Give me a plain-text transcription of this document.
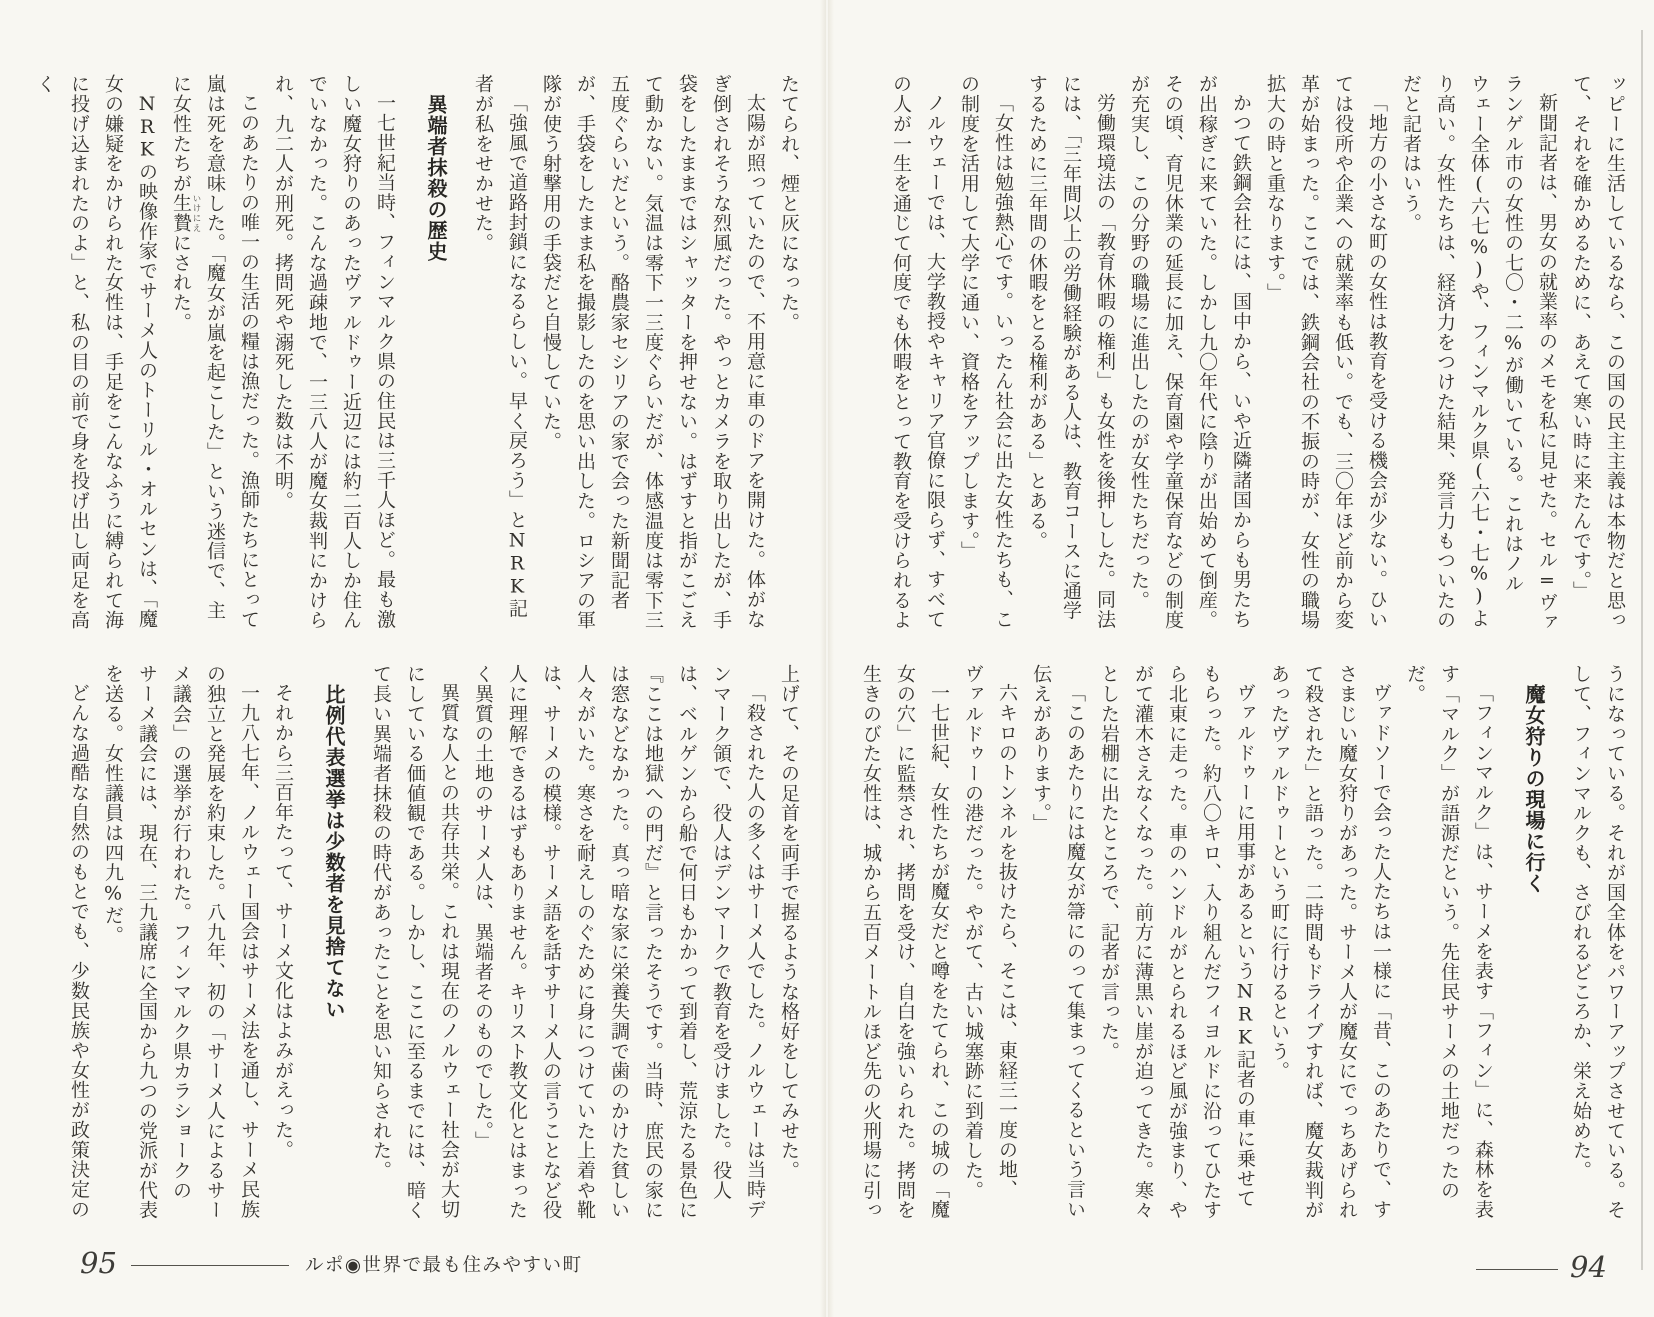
ッピーに生活しているなら、この国の民主主義は本物だと思って、それを確かめるために、あえて寒い時に来たんです。」

新聞記者は、男女の就業率のメモを私に見せた。セル=ヴァランゲル市の女性の七〇・二%が働いている。これはノルウェー全体(六七%)や、フィンマルク県(六七・七%)より高い。女性たちは、経済力をつけた結果、発言力もついたのだと記者はいう。

「地方の小さな町の女性は教育を受ける機会が少ない。ひいては役所や企業への就業率も低い。でも、三〇年ほど前から変革が始まった。ここでは、鉄鋼会社の不振の時が、女性の職場拡大の時と重なります。」

かつて鉄鋼会社には、国中から、いや近隣諸国からも男たちが出稼ぎに来ていた。しかし九〇年代に陰りが出始めて倒産。その頃、育児休業の延長に加え、保育園や学童保育などの制度が充実し、この分野の職場に進出したのが女性たちだった。

労働環境法の「教育休暇の権利」も女性を後押しした。同法には、「三年間以上の労働経験がある人は、教育コースに通学するために三年間の休暇をとる権利がある」とある。

「女性は勉強熱心です。いったん社会に出た女性たちも、この制度を活用して大学に通い、資格をアップします。」

ノルウェーでは、大学教授やキャリア官僚に限らず、すべての人が一生を通じて何度でも休暇をとって教育を受けられるよ

うになっている。それが国全体をパワーアップさせている。そして、フィンマルクも、さびれるどころか、栄え始めた。

魔女狩りの現場に行く

「フィンマルク」は、サーメを表す「フィン」に、森林を表す「マルク」が語源だという。先住民サーメの土地だったのだ。

ヴァドソーで会った人たちは一様に「昔、このあたりで、すさまじい魔女狩りがあった。サーメ人が魔女にでっちあげられて殺された」と語った。二時間もドライブすれば、魔女裁判があったヴァルドゥーという町に行けるという。

ヴァルドゥーに用事があるというNRK記者の車に乗せてもらった。約八〇キロ、入り組んだフィヨルドに沿ってひたすら北東に走った。車のハンドルがとられるほど風が強まり、やがて灌木さえなくなった。前方に薄黒い崖が迫ってきた。寒々とした岩棚に出たところで、記者が言った。

「このあたりには魔女が箒にのって集まってくるという言い伝えがあります。」

六キロのトンネルを抜けたら、そこは、東経三一度の地、ヴァルドゥーの港だった。やがて、古い城塞跡に到着した。

一七世紀、女性たちが魔女だと噂をたてられ、この城の「魔女の穴」に監禁され、拷問を受け、自白を強いられた。拷問を生きのびた女性は、城から五百メートルほど先の火刑場に引っ

たてられ、煙と灰になった。

太陽が照っていたので、不用意に車のドアを開けた。体がなぎ倒されそうな烈風だった。やっとカメラを取り出したが、手袋をしたままではシャッターを押せない。はずすと指がこごえて動かない。気温は零下一三度ぐらいだが、体感温度は零下三五度ぐらいだという。酪農家セシリアの家で会った新聞記者が、手袋をしたまま私を撮影したのを思い出した。ロシアの軍隊が使う射撃用の手袋だと自慢していた。

「強風で道路封鎖になるらしい。早く戻ろう」とNRK記者が私をせかせた。

異端者抹殺の歴史

一七世紀当時、フィンマルク県の住民は三千人ほど。最も激しい魔女狩りのあったヴァルドゥー近辺には約二百人しか住んでいなかった。こんな過疎地で、一三八人が魔女裁判にかけられ、九二人が刑死。拷問死や溺死した数は不明。

このあたりの唯一の生活の糧は漁だった。漁師たちにとって嵐は死を意味した。「魔女が嵐を起こした」という迷信で、主に女性たちが生贄 いけにえにされた。

NRKの映像作家でサーメ人のトーリル・オルセンは、「魔女の嫌疑をかけられた女性は、手足をこんなふうに縛られて海に投げ込まれたのよ」と、私の目の前で身を投げ出し両足を高く

上げて、その足首を両手で握るような格好をしてみせた。

「殺された人の多くはサーメ人でした。ノルウェーは当時デンマーク領で、役人はデンマークで教育を受けました。役人は、ベルゲンから船で何日もかかって到着し、荒涼たる景色に『ここは地獄への門だ』と言ったそうです。当時、庶民の家には窓などなかった。真っ暗な家に栄養失調で歯のかけた貧しい人々がいた。寒さを耐えしのぐために身につけていた上着や靴は、サーメの模様。サーメ語を話すサーメ人の言うことなど役人に理解できるはずもありません。キリスト教文化とはまったく異質の土地のサーメ人は、異端者そのものでした。」

異質な人との共存共栄。これは現在のノルウェー社会が大切にしている価値観である。しかし、ここに至るまでには、暗くて長い異端者抹殺の時代があったことを思い知らされた。

比例代表選挙は少数者を見捨てない

それから三百年たって、サーメ文化はよみがえった。

一九八七年、ノルウェー国会はサーメ法を通し、サーメ民族の独立と発展を約束した。八九年、初の「サーメ人によるサーメ議会」の選挙が行われた。フィンマルク県カラショークのサーメ議会には、現在、三九議席に全国から九つの党派が代表を送る。女性議員は四九%だ。

どんな過酷な自然のもとでも、少数民族や女性が政策決定の

95	ルポ◉世界で最も住みやすい町	94
